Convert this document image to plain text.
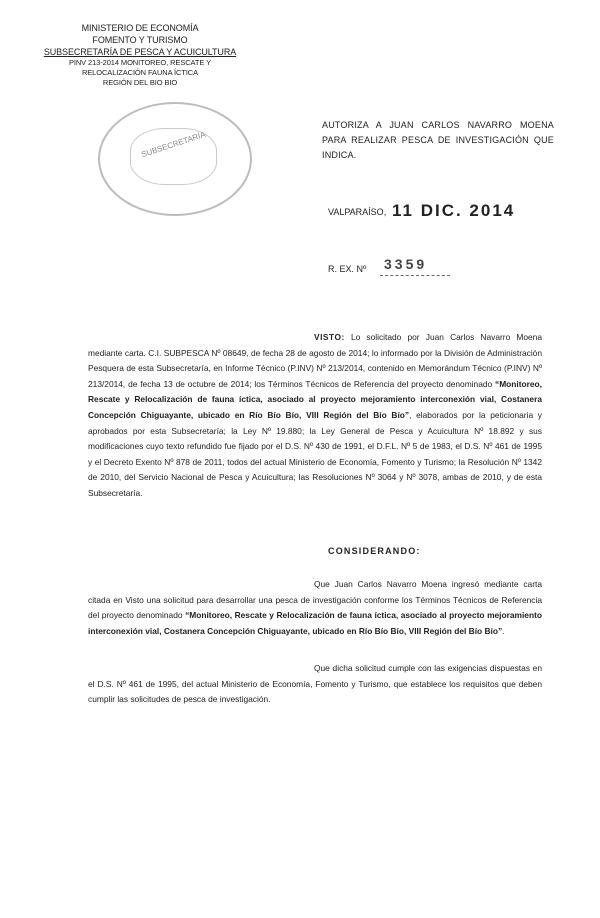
MINISTERIO DE ECONOMÍA
FOMENTO Y TURISMO
SUBSECRETARÍA DE PESCA Y ACUICULTURA
PINV 213-2014 MONITOREO, RESCATE Y
RELOCALIZACIÓN FAUNA ÍCTICA
REGIÓN DEL BIO BIO
SUBSECRETARÍA
AUTORIZA A JUAN CARLOS NAVARRO MOENA PARA REALIZAR PESCA DE INVESTIGACIÓN QUE INDICA.
VALPARAÍSO, 11 DIC. 2014
R. EX. Nº 3359
VISTO: Lo solicitado por Juan Carlos Navarro Moena mediante carta. C.I. SUBPESCA Nº 08649, de fecha 28 de agosto de 2014; lo informado por la División de Administración Pesquera de esta Subsecretaría, en Informe Técnico (P.INV) Nº 213/2014, contenido en Memorándum Técnico (P.INV) Nº 213/2014, de fecha 13 de octubre de 2014; los Términos Técnicos de Referencia del proyecto denominado “Monitoreo, Rescate y Relocalización de fauna íctica, asociado al proyecto mejoramiento interconexión vial, Costanera Concepción Chiguayante, ubicado en Río Bío Bío, VIII Región del Bío Bío”, elaborados por la peticionaria y aprobados por esta Subsecretaría; la Ley Nº 19.880; la Ley General de Pesca y Acuicultura Nº 18.892 y sus modificaciones cuyo texto refundido fue fijado por el D.S. Nº 430 de 1991, el D.F.L. Nº 5 de 1983, el D.S. Nº 461 de 1995 y el Decreto Exento Nº 878 de 2011, todos del actual Ministerio de Economía, Fomento y Turismo; la Resolución Nº 1342 de 2010, del Servicio Nacional de Pesca y Acuicultura; las Resoluciones Nº 3064 y Nº 3078, ambas de 2010, y de esta Subsecretaría.
CONSIDERANDO:
Que Juan Carlos Navarro Moena ingresó mediante carta citada en Visto una solicitud para desarrollar una pesca de investigación conforme los Términos Técnicos de Referencia del proyecto denominado “Monitoreo, Rescate y Relocalización de fauna íctica, asociado al proyecto mejoramiento interconexión vial, Costanera Concepción Chiguayante, ubicado en Río Bío Bío, VIII Región del Bío Bío”.
Que dicha solicitud cumple con las exigencias dispuestas en el D.S. Nº 461 de 1995, del actual Ministerio de Economía, Fomento y Turismo, que establece los requisitos que deben cumplir las solicitudes de pesca de investigación.
